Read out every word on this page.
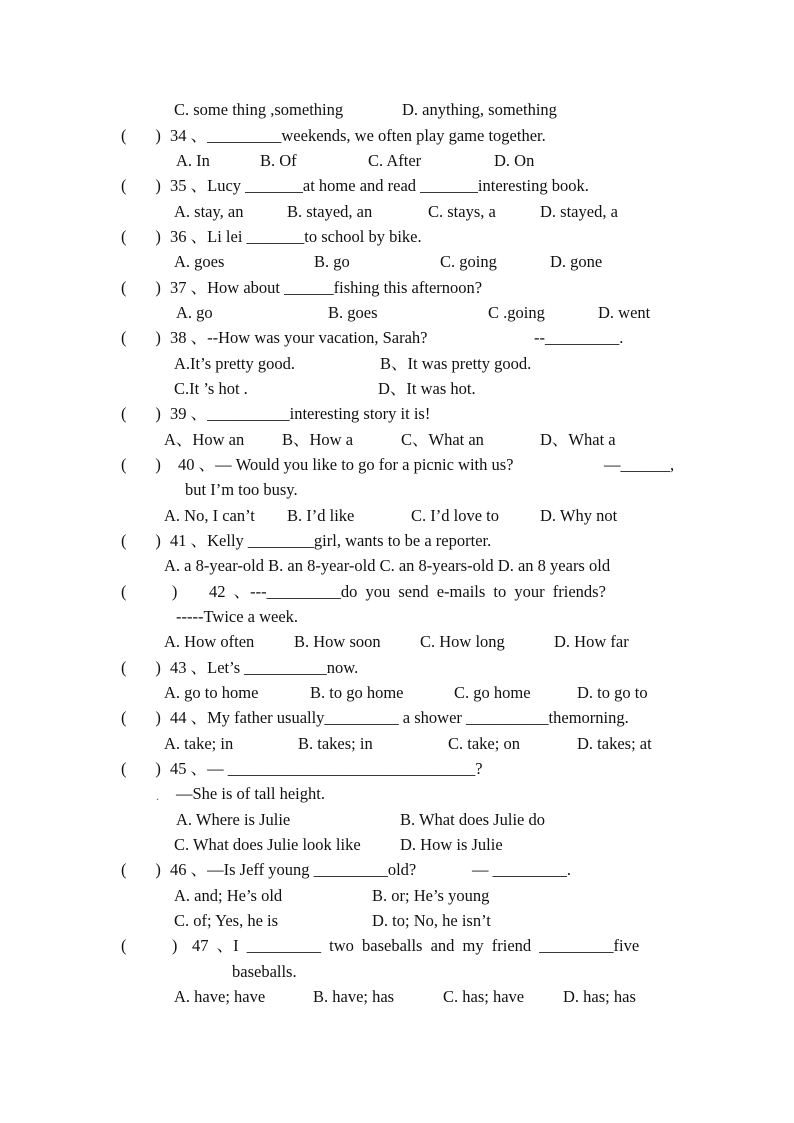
C. some thing ,something	D. anything, something
(       ) 34 、_________weekends, we often play game together.
A. In	B. Of	C. After	D. On
(       ) 35 、Lucy _______at home and read _______interesting book.
A. stay, an	B. stayed, an	C. stays, a	D. stayed, a
(       ) 36 、Li lei _______to school by bike.
A. goes	B. go	C. going	D. gone
(       ) 37 、How about ______fishing this afternoon?
A. go	B. goes	C .going	D. went
(       ) 38 、--How was your vacation, Sarah?	--_________.
A.It’s pretty good.	B、It was pretty good.
C.It ’s hot .	D、It was hot.
(       ) 39 、__________interesting story it is!
A、How an B、How a	C、What an	D、What a
(       ) 40 、— Would you like to go for a picnic with us?	—______,
but I’m too busy.
A. No, I can’t B. I’d like	C. I’d love to D. Why not
(       ) 41 、Kelly ________girl, wants to be a reporter.
A. a 8-year-old B. an 8-year-old C. an 8-years-old D. an 8 years old
(           ) 42 、---_________do you send e-mails to your friends?
-----Twice a week.
A. How often B. How soon C. How long	D. How far
(       ) 43 、Let’s __________now.
A. go to home	B. to go home	C. go home	D. to go to
(       ) 44 、My father usually_________ a shower __________themorning.
A. take; in	B. takes; in	C. take; on	D. takes; at
(       ) 45 、— ______________________________?
. —She is of tall height.
A. Where is Julie	B. What does Julie do
C. What does Julie look like D. How is Julie
(       ) 46 、—Is Jeff young _________old?	— _________.
A. and; He’s old	B. or; He’s young
C. of; Yes, he is	D. to; No, he isn’t
(           ) 47 、I _________ two baseballs and my friend _________five
baseballs.
A. have; have	B. have; has	C. has; have D. has; has
